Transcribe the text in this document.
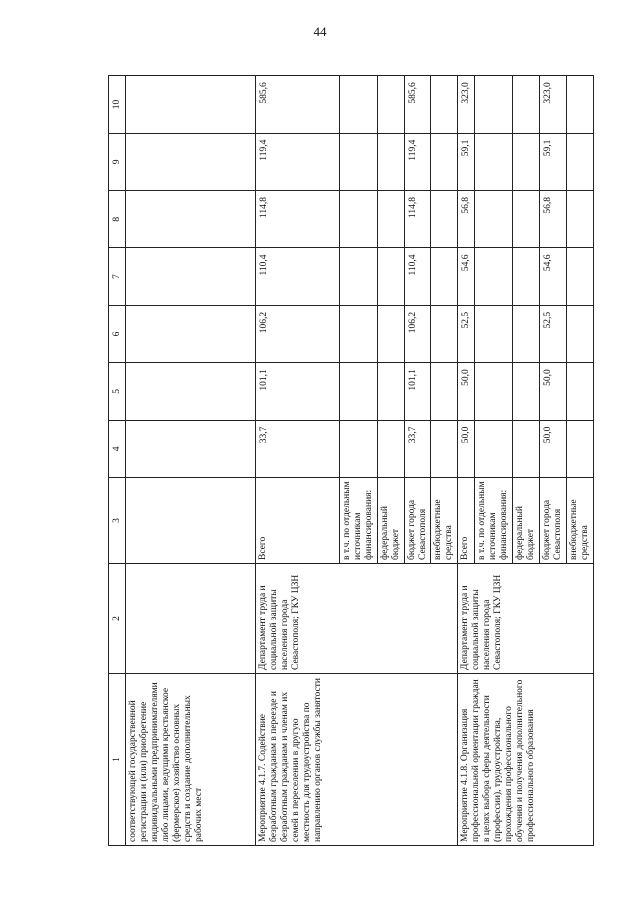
44
1	2	3	4	5	6	7	8	9	10
соответствующей государственной регистрации и (или) приобретение индивидуальными предпринимателями либо лицами, ведущими крестьянское (фермерское) хозяйство основных средств и создание дополнительных рабочих мест									
Мероприятие 4.1.7. Содействие безработным гражданам в переезде и безработным гражданам и членам их семей в переселении в другую местность для трудоустройства по направлению органов службы занятости	Департамент труда и социальной защиты населения города Севастополя; ГКУ ЦЗН	Всего	33,7	101,1	106,2	110,4	114,8	119,4	585,6
		в т.ч. по отдельным источникам финансирования:							
		федеральный бюджет							
		бюджет города Севастополя	33,7	101,1	106,2	110,4	114,8	119,4	585,6
		внебюджетные средства							
Мероприятие 4.1.8. Организация профессиональной ориентации граждан в целях выбора сферы деятельности (профессии), трудоустройства, прохождения профессионального обучения и получения дополнительного профессионального образования	Департамент труда и социальной защиты населения города Севастополя; ГКУ ЦЗН	Всего	50,0	50,0	52,5	54,6	56,8	59,1	323,0
		в т.ч. по отдельным источникам финансирования:							
		федеральный бюджет							
		бюджет города Севастополя	50,0	50,0	52,5	54,6	56,8	59,1	323,0
		внебюджетные средства							
